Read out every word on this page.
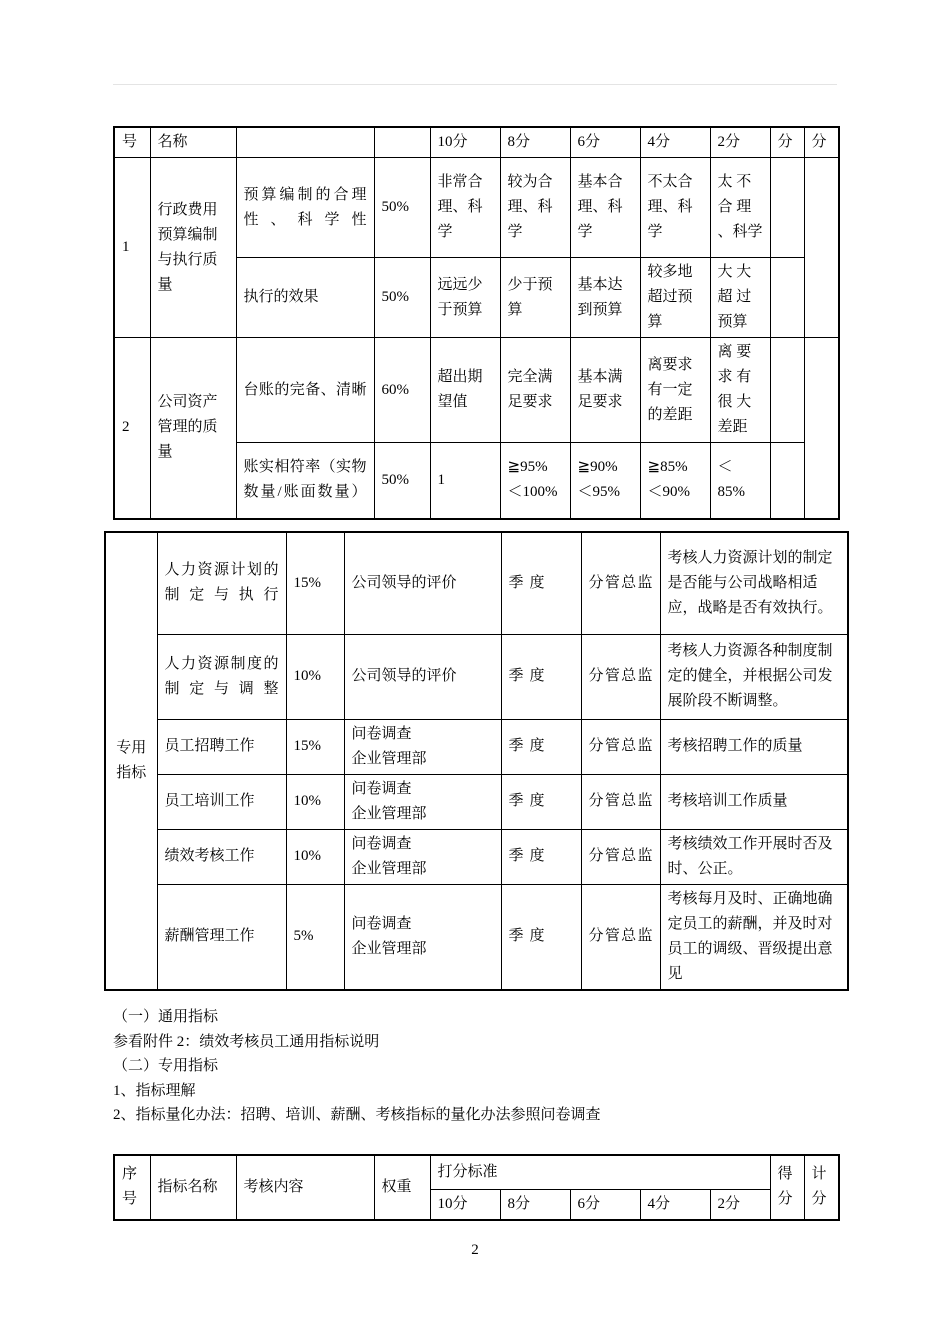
号	名称			10分	8分	6分	4分	2分	分	分
1	行政费用预算编制与执行质量	预算编制的合理性、科学性	50%	非常合理、科学	较为合理、科学	基本合理、科学	不太合理、科学	太 不 合 理 、科学		
		执行的效果	50%	远远少于预算	少于预算	基本达到预算	较多地超过预算	大 大 超 过 预算		
2	公司资产管理的质量	台账的完备、清晰	60%	超出期望值	完全满足要求	基本满足要求	离要求有一定的差距	离 要 求 有 很 大 差距		
		账实相符率（实物数量/账面数量）	50%	1	≧95%＜100%	≧90%＜95%	≧85%＜90%	＜ 85%		
专用指标	人力资源计划的制定与执行	15%	公司领导的评价	季度	分管总监	考核人力资源计划的制定是否能与公司战略相适应，战略是否有效执行。
	人力资源制度的制定与调整	10%	公司领导的评价	季度	分管总监	考核人力资源各种制度制定的健全，并根据公司发展阶段不断调整。
	员工招聘工作	15%	问卷调查
企业管理部	季度	分管总监	考核招聘工作的质量
	员工培训工作	10%	问卷调查
企业管理部	季度	分管总监	考核培训工作质量
	绩效考核工作	10%	问卷调查
企业管理部	季度	分管总监	考核绩效工作开展时否及时、公正。
	薪酬管理工作	5%	问卷调查
企业管理部	季度	分管总监	考核每月及时、正确地确定员工的薪酬，并及时对员工的调级、晋级提出意见
（一）通用指标
参看附件 2：绩效考核员工通用指标说明
（二）专用指标
1、指标理解
2、指标量化办法：招聘、培训、薪酬、考核指标的量化办法参照问卷调查
序号	指标名称	考核内容	权重	打分标准					得分	计分
				10分	8分	6分	4分	2分		
2
